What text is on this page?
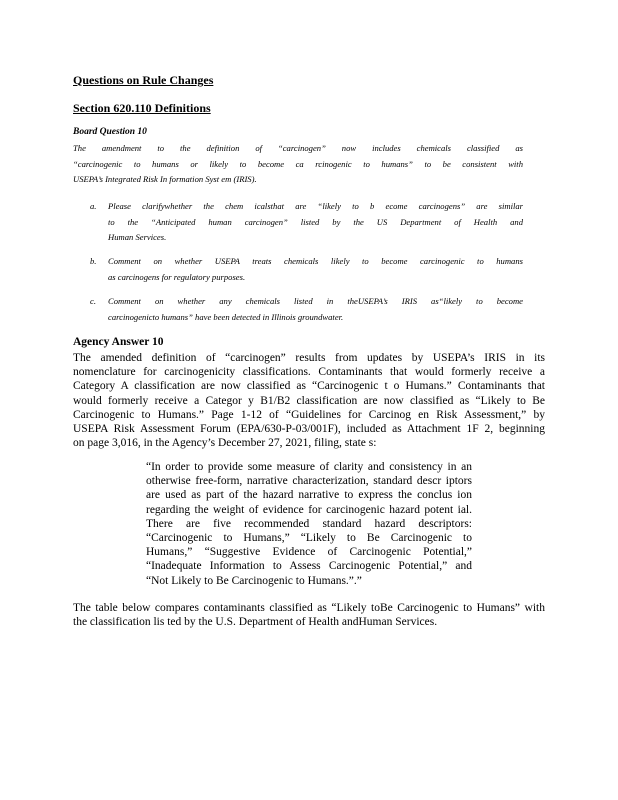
Questions on Rule Changes
Section 620.110 Definitions
Board Question 10
The amendment to the definition of “carcinogen” now includes chemicals classified as
“carcinogenic to humans or likely to become ca rcinogenic to humans” to be consistent with
USEPA’s Integrated Risk In formation Syst em (IRIS).
a. Please clarifywhether the chem icalsthat are “likely to b ecome carcinogens” are similar
to the “Anticipated human carcinogen” listed by the US Department of Health and
Human Services.
b. Comment on whether USEPA treats chemicals likely to become carcinogenic to humans
as carcinogens for regulatory purposes.
c. Comment on whether any chemicals listed in theUSEPA’s IRIS as“likely to become
carcinogenicto humans” have been detected in Illinois groundwater.
Agency Answer 10
The amended definition of “carcinogen” results from updates by USEPA’s IRIS in its
nomenclature for carcinogenicity classifications. Contaminants that would formerly receive a
Category A classification are now classified as “Carcinogenic t o Humans.” Contaminants that
would formerly receive a Categor y B1/B2 classification are now classified as “Likely to Be
Carcinogenic to Humans.” Page 1-12 of “Guidelines for Carcinog en Risk Assessment,” by
USEPA Risk Assessment Forum (EPA/630-P-03/001F), included as Attachment 1F 2, beginning
on page 3,016, in the Agency’s December 27, 2021, filing, state s:
“In order to provide some measure of clarity and consistency in an
otherwise free-form, narrative characterization, standard descr iptors
are used as part of the hazard narrative to express the conclus ion
regarding the weight of evidence for carcinogenic hazard potent ial.
There are five recommended standard hazard descriptors:
“Carcinogenic to Humans,” “Likely to Be Carcinogenic to
Humans,” “Suggestive Evidence of Carcinogenic Potential,”
“Inadequate Information to Assess Carcinogenic Potential,” and
“Not Likely to Be Carcinogenic to Humans.”.”
The table below compares contaminants classified as “Likely toBe Carcinogenic to Humans” with
the classification lis ted by the U.S. Department of Health andHuman Services.
